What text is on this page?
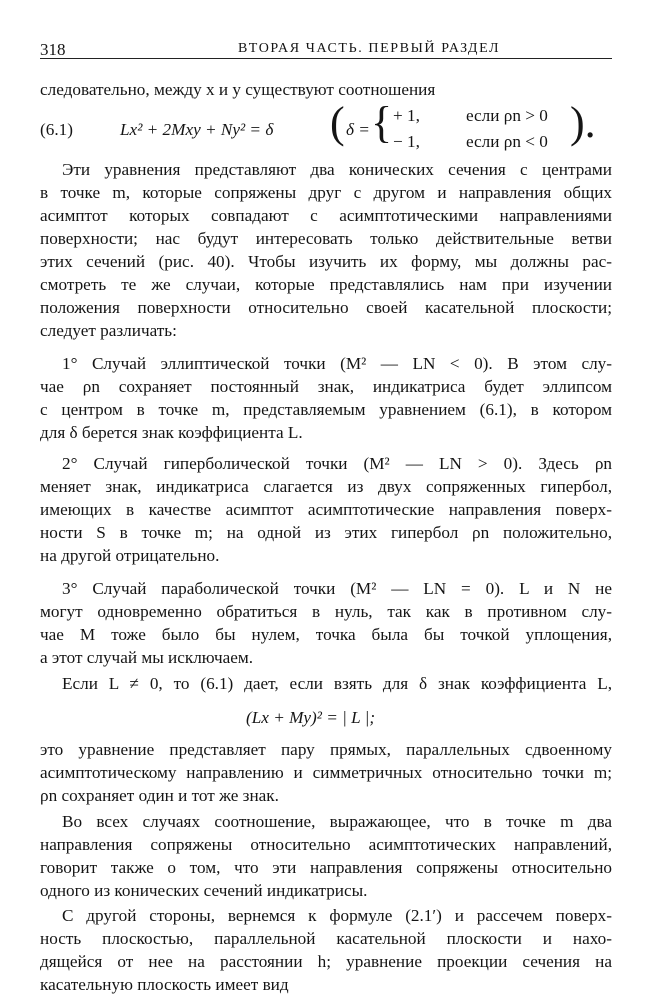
318	ВТОРАЯ ЧАСТЬ. ПЕРВЫЙ РАЗДЕЛ
следовательно, между x и y существуют соотношения
(6.1)	Lx² + 2Mxy + Ny² = δ ( δ = { + 1,	если ρn > 0
− 1,	если ρn < 0 ).
Эти уравнения представляют два конических сечения с центрами
в точке m, которые сопряжены друг с другом и направления общих
асимптот которых совпадают с асимптотическими направлениями
поверхности; нас будут интересовать только действительные ветви
этих сечений (рис. 40). Чтобы изучить их форму, мы должны рас-
смотреть те же случаи, которые представлялись нам при изучении
положения поверхности относительно своей касательной плоскости;
следует различать:
1° Случай эллиптической точки (M² — LN < 0). В этом слу-
чае ρn сохраняет постоянный знак, индикатриса будет эллипсом
с центром в точке m, представляемым уравнением (6.1), в котором
для δ берется знак коэффициента L.
2° Случай гиперболической точки (M² — LN > 0). Здесь ρn
меняет знак, индикатриса слагается из двух сопряженных гипербол,
имеющих в качестве асимптот асимптотические направления поверх-
ности S в точке m; на одной из этих гипербол ρn положительно,
на другой отрицательно.
3° Случай параболической точки (M² — LN = 0). L и N не
могут одновременно обратиться в нуль, так как в противном слу-
чае M тоже было бы нулем, точка была бы точкой уплощения,
а этот случай мы исключаем.
Если L ≠ 0, то (6.1) дает, если взять для δ знак коэффициента L,
(Lx + My)² = | L |;
это уравнение представляет пару прямых, параллельных сдвоенному
асимптотическому направлению и симметричных относительно точки m;
ρn сохраняет один и тот же знак.
Во всех случаях соотношение, выражающее, что в точке m два
направления сопряжены относительно асимптотических направлений,
говорит также о том, что эти направления сопряжены относительно
одного из конических сечений индикатрисы.
С другой стороны, вернемся к формуле (2.1′) и рассечем поверх-
ность плоскостью, параллельной касательной плоскости и нахо-
дящейся от нее на расстоянии h; уравнение проекции сечения на
касательную плоскость имеет вид
